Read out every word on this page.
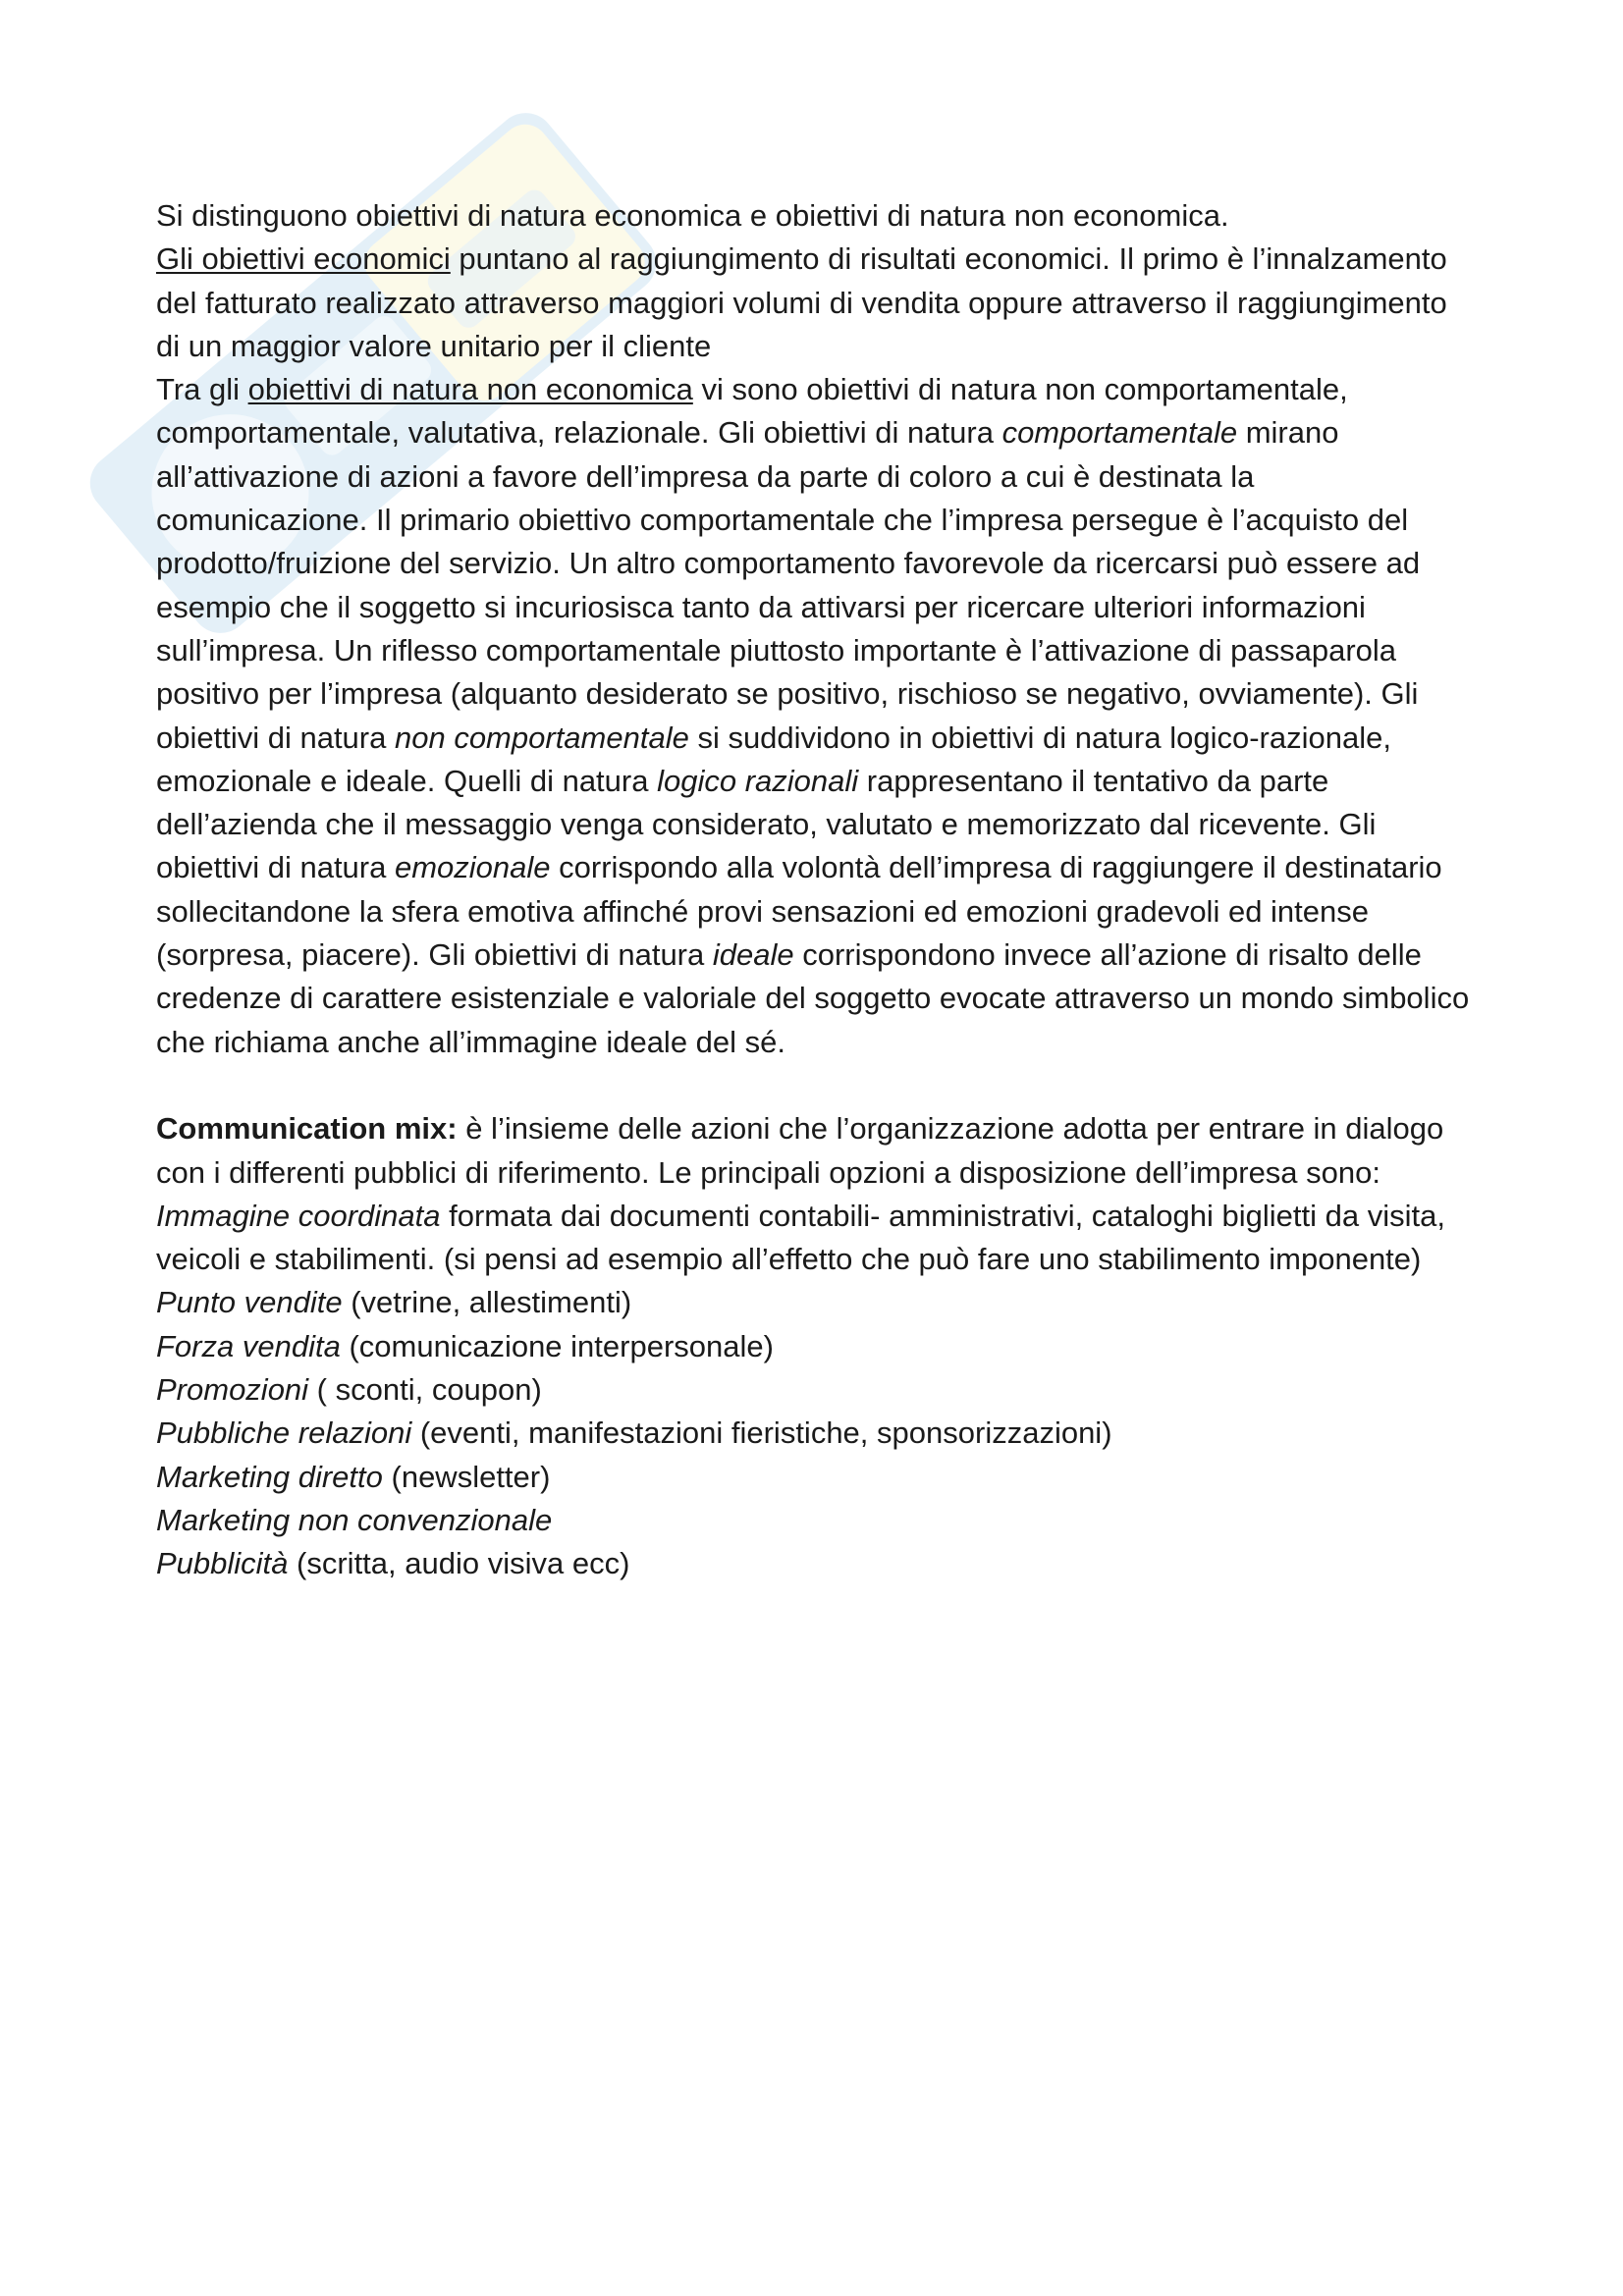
Si distinguono obiettivi di natura economica e obiettivi di natura non economica.

Gli obiettivi economici puntano al raggiungimento di risultati economici. Il primo è l’innalzamento del fatturato realizzato attraverso maggiori volumi di vendita oppure attraverso il raggiungimento di un maggior valore unitario per il cliente

Tra gli obiettivi di natura non economica vi sono obiettivi di natura non comportamentale, comportamentale, valutativa, relazionale. Gli obiettivi di natura comportamentale mirano all’attivazione di azioni a favore dell’impresa da parte di coloro a cui è destinata la comunicazione. Il primario obiettivo comportamentale che l’impresa persegue è l’acquisto del prodotto/fruizione del servizio. Un altro comportamento favorevole da ricercarsi può essere ad esempio che il soggetto si incuriosisca tanto da attivarsi per ricercare ulteriori informazioni sull’impresa. Un riflesso comportamentale piuttosto importante è l’attivazione di passaparola positivo per l’impresa (alquanto desiderato se positivo, rischioso se negativo, ovviamente). Gli obiettivi di natura non comportamentale si suddividono in obiettivi di natura logico-razionale, emozionale e ideale. Quelli di natura logico razionali rappresentano il tentativo da parte dell’azienda che il messaggio venga considerato, valutato e memorizzato dal ricevente. Gli obiettivi di natura emozionale corrispondo alla volontà dell’impresa di raggiungere il destinatario sollecitandone la sfera emotiva affinché provi sensazioni ed emozioni gradevoli ed intense (sorpresa, piacere). Gli obiettivi di natura ideale corrispondono invece all’azione di risalto delle credenze di carattere esistenziale e valoriale del soggetto evocate attraverso un mondo simbolico che richiama anche all’immagine ideale del sé.

Communication mix: è l’insieme delle azioni che l’organizzazione adotta per entrare in dialogo con i differenti pubblici di riferimento. Le principali opzioni a disposizione dell’impresa sono:

Immagine coordinata formata dai documenti contabili- amministrativi, cataloghi biglietti da visita, veicoli e stabilimenti. (si pensi ad esempio all’effetto che può fare uno stabilimento imponente)

Punto vendite (vetrine, allestimenti)

Forza vendita (comunicazione interpersonale)

Promozioni ( sconti, coupon)

Pubbliche relazioni (eventi, manifestazioni fieristiche, sponsorizzazioni)

Marketing diretto (newsletter)

Marketing non convenzionale

Pubblicità (scritta, audio visiva ecc)
